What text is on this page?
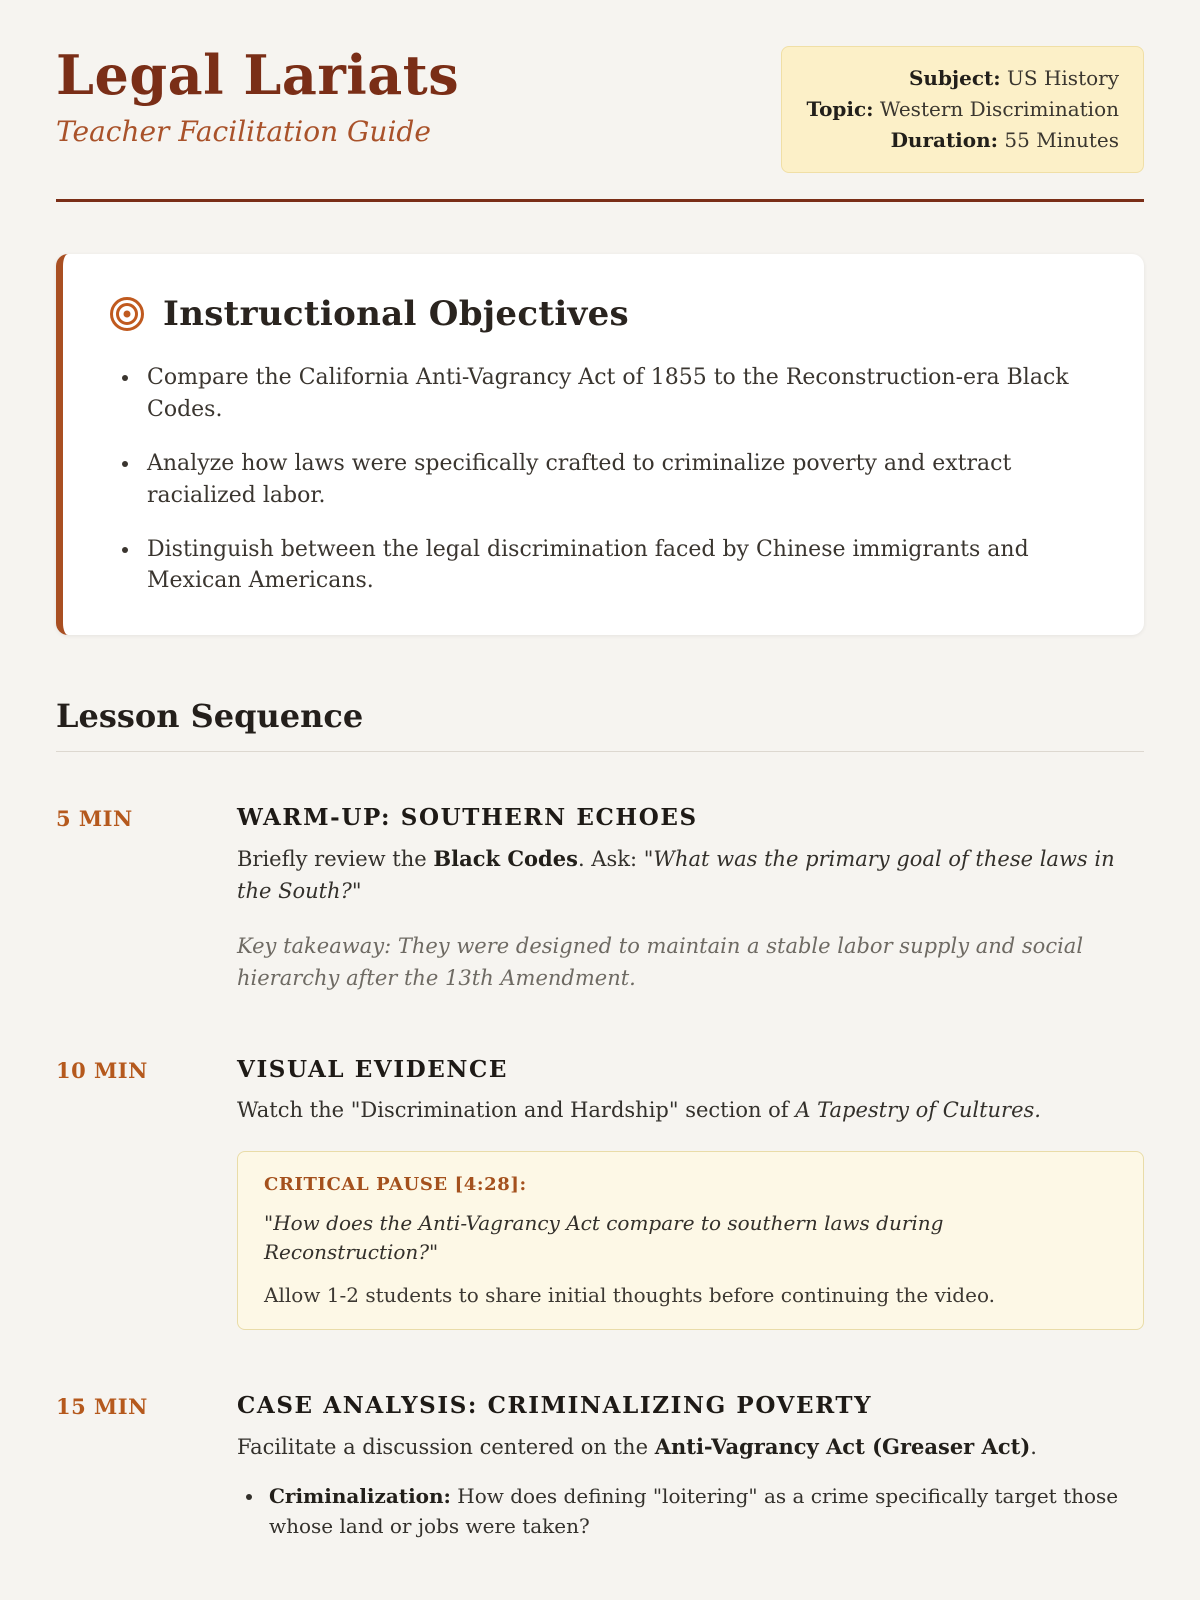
Legal Lariats
Teacher Facilitation Guide
Subject: US History
Topic: Western Discrimination
Duration: 55 Minutes
Instructional Objectives
• Compare the California Anti-Vagrancy Act of 1855 to the Reconstruction-era Black Codes.
• Analyze how laws were specifically crafted to criminalize poverty and extract racialized labor.
• Distinguish between the legal discrimination faced by Chinese immigrants and Mexican Americans.
Lesson Sequence
5 MIN	WARM-UP: SOUTHERN ECHOES

Briefly review the Black Codes. Ask: "What was the primary goal of these laws in the South?"

Key takeaway: They were designed to maintain a stable labor supply and social hierarchy after the 13th Amendment.

10 MIN	VISUAL EVIDENCE

Watch the "Discrimination and Hardship" section of A Tapestry of Cultures.

CRITICAL PAUSE [4:28]:
"How does the Anti-Vagrancy Act compare to southern laws during Reconstruction?"
Allow 1-2 students to share initial thoughts before continuing the video.
15 MIN	CASE ANALYSIS: CRIMINALIZING POVERTY

Facilitate a discussion centered on the Anti-Vagrancy Act (Greaser Act).

• Criminalization: How does defining "loitering" as a crime specifically target those whose land or jobs were taken?
